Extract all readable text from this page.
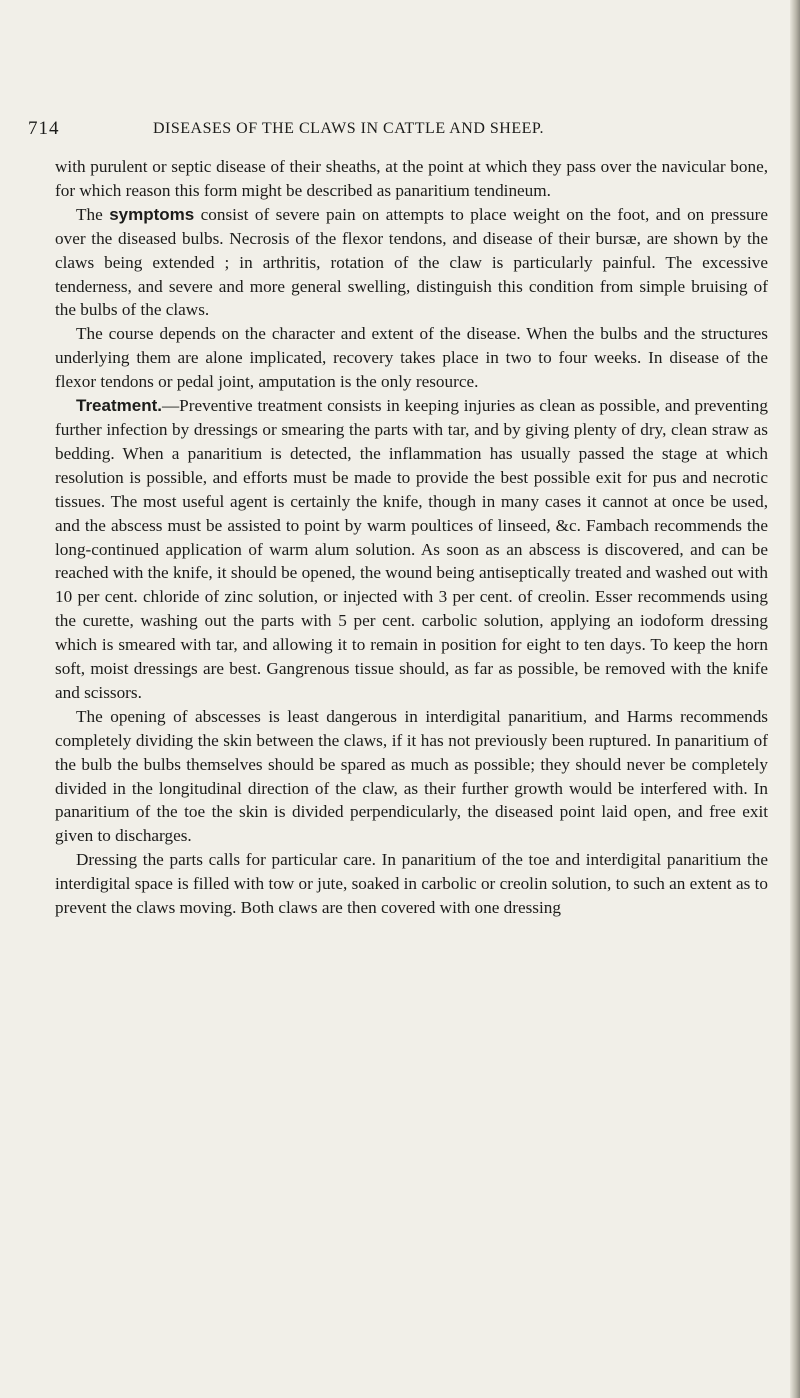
714	DISEASES OF THE CLAWS IN CATTLE AND SHEEP.

with purulent or septic disease of their sheaths, at the point at which they pass over the navicular bone, for which reason this form might be described as panaritium tendineum.

The symptoms consist of severe pain on attempts to place weight on the foot, and on pressure over the diseased bulbs. Necrosis of the flexor tendons, and disease of their bursæ, are shown by the claws being extended ; in arthritis, rotation of the claw is particularly painful. The excessive tenderness, and severe and more general swelling, distinguish this condition from simple bruising of the bulbs of the claws.

The course depends on the character and extent of the disease. When the bulbs and the structures underlying them are alone implicated, recovery takes place in two to four weeks. In disease of the flexor tendons or pedal joint, amputation is the only resource.

Treatment.—Preventive treatment consists in keeping injuries as clean as possible, and preventing further infection by dressings or smearing the parts with tar, and by giving plenty of dry, clean straw as bedding. When a panaritium is detected, the inflammation has usually passed the stage at which resolution is possible, and efforts must be made to provide the best possible exit for pus and necrotic tissues. The most useful agent is certainly the knife, though in many cases it cannot at once be used, and the abscess must be assisted to point by warm poultices of linseed, &c. Fambach recommends the long-continued application of warm alum solution. As soon as an abscess is discovered, and can be reached with the knife, it should be opened, the wound being antiseptically treated and washed out with 10 per cent. chloride of zinc solution, or injected with 3 per cent. of creolin. Esser recommends using the curette, washing out the parts with 5 per cent. carbolic solution, applying an iodoform dressing which is smeared with tar, and allowing it to remain in position for eight to ten days. To keep the horn soft, moist dressings are best. Gangrenous tissue should, as far as possible, be removed with the knife and scissors.

The opening of abscesses is least dangerous in interdigital panaritium, and Harms recommends completely dividing the skin between the claws, if it has not previously been ruptured. In panaritium of the bulb the bulbs themselves should be spared as much as possible; they should never be completely divided in the longitudinal direction of the claw, as their further growth would be interfered with. In panaritium of the toe the skin is divided perpendicularly, the diseased point laid open, and free exit given to discharges.

Dressing the parts calls for particular care. In panaritium of the toe and interdigital panaritium the interdigital space is filled with tow or jute, soaked in carbolic or creolin solution, to such an extent as to prevent the claws moving. Both claws are then covered with one dressing
